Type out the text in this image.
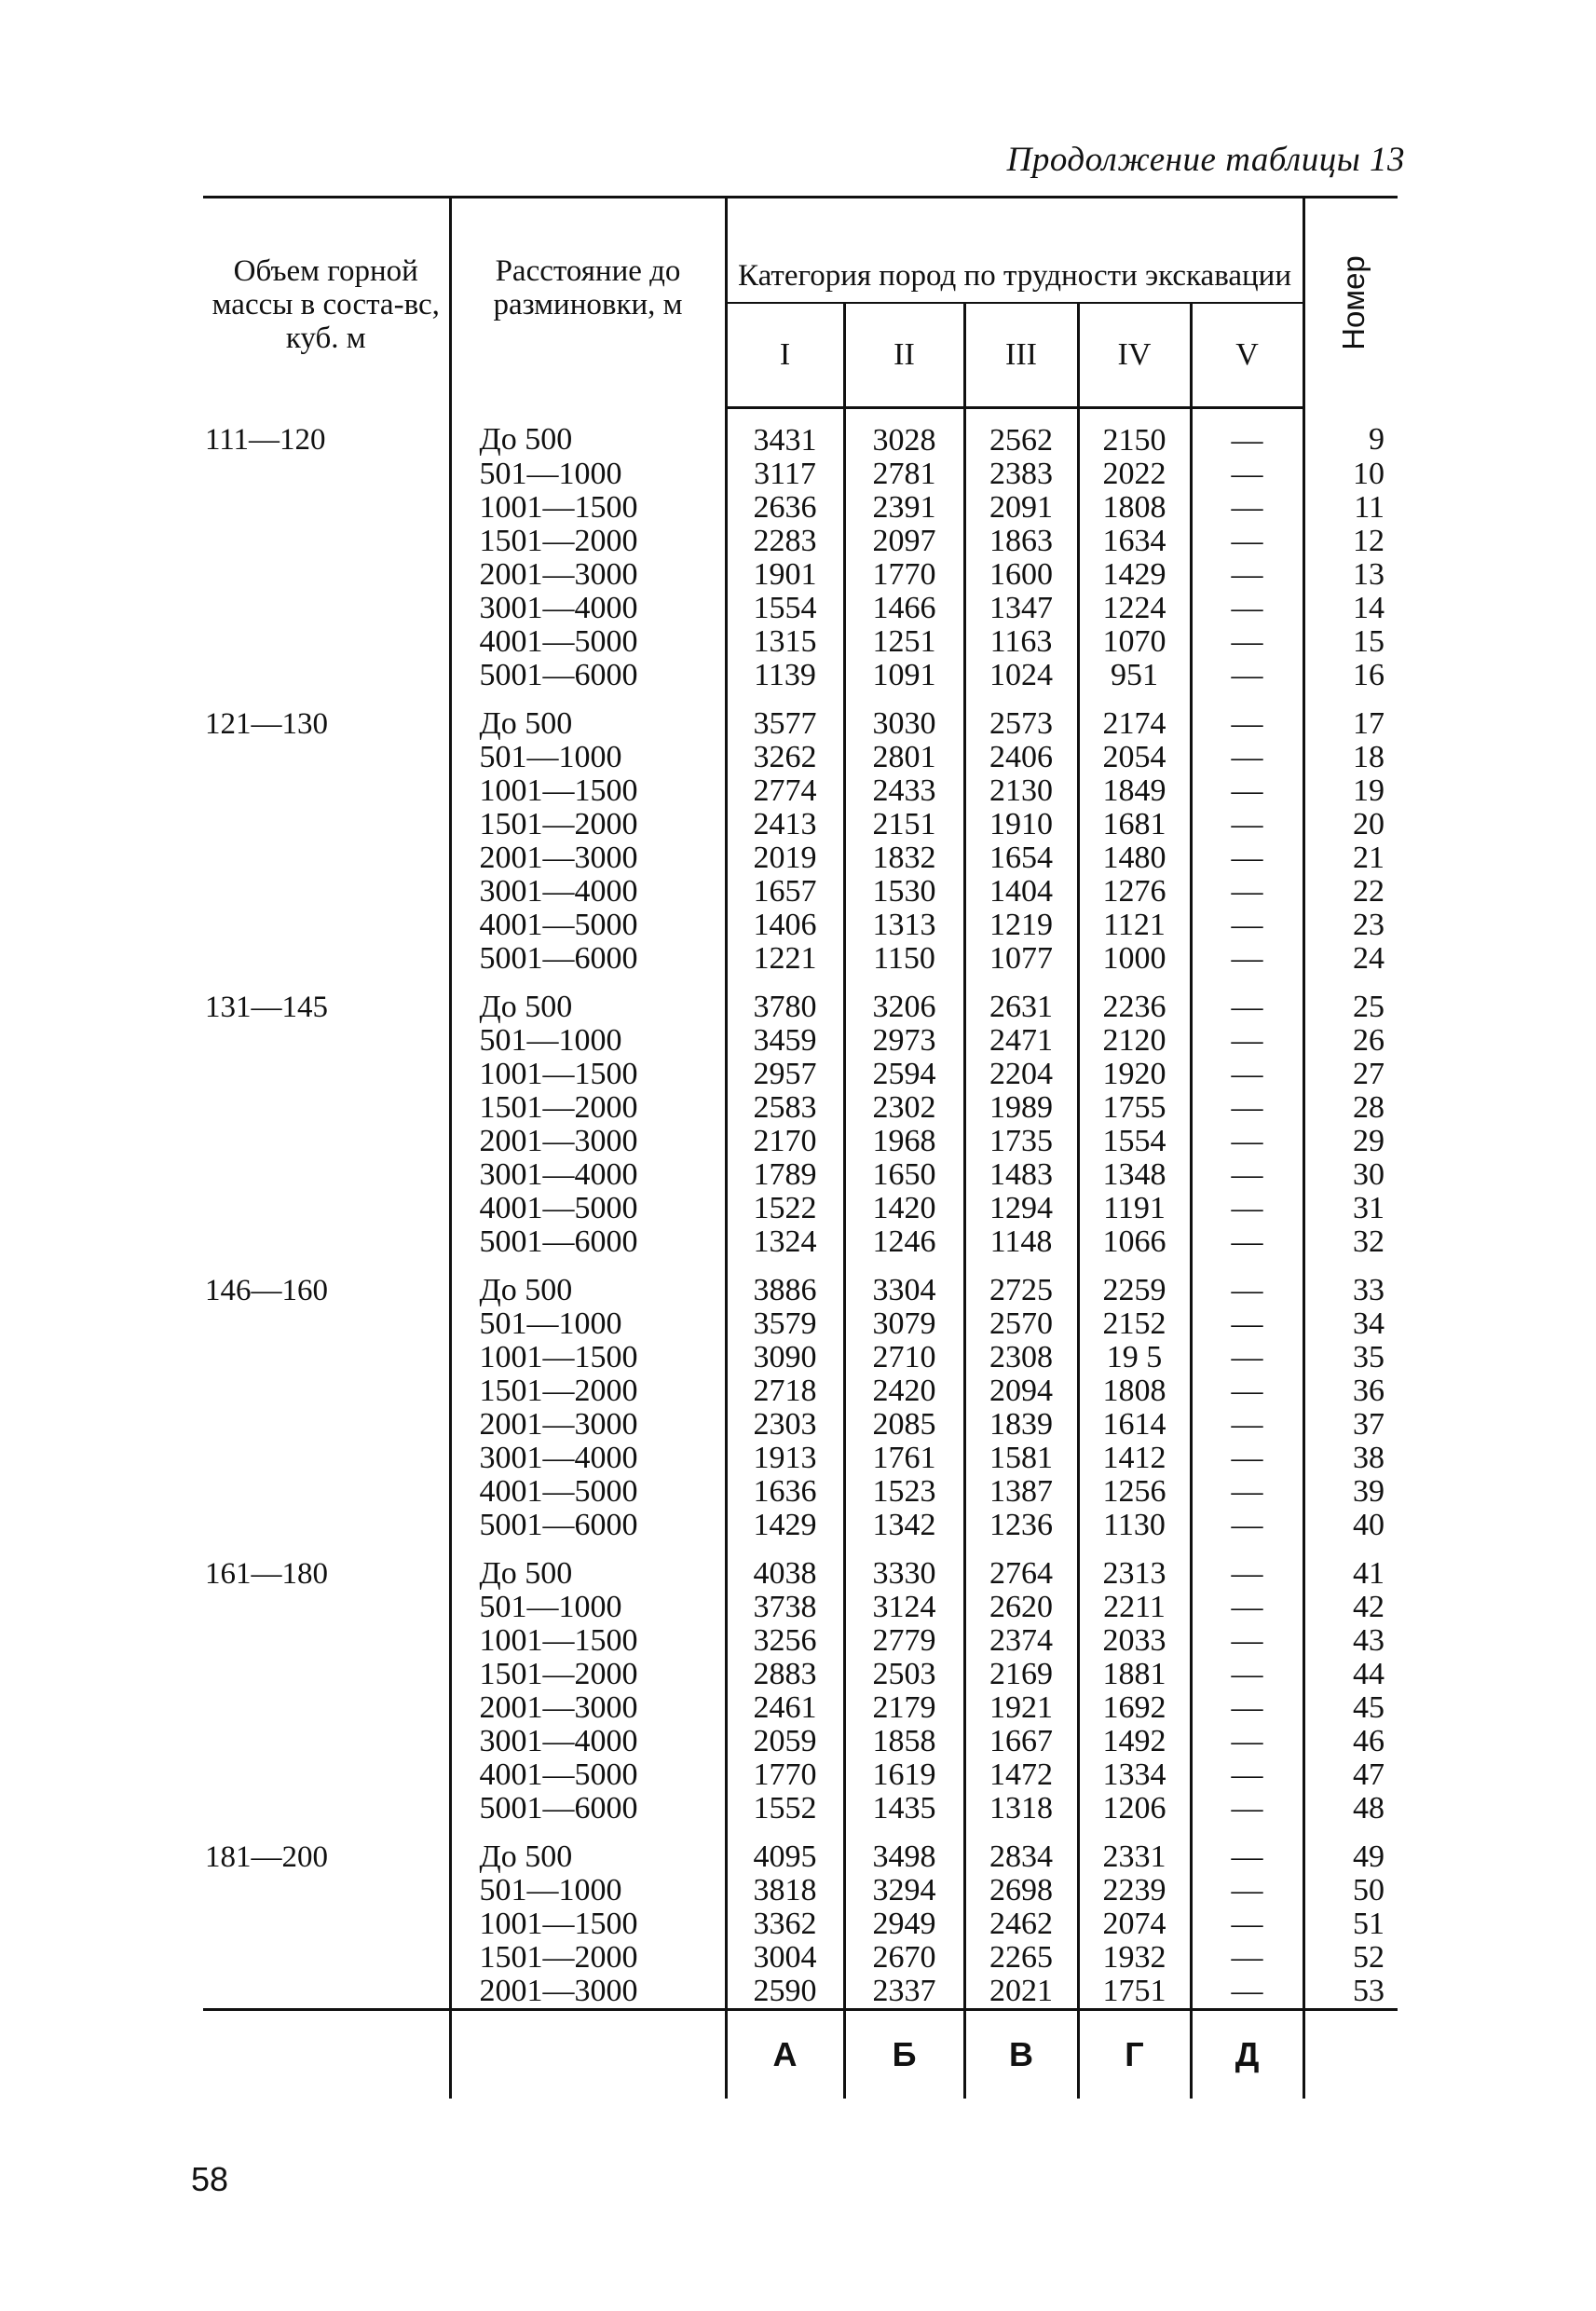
Продолжение таблицы 13
Объем горной массы в соста-вс, куб. м	Расстояние до разминовки, м	Категория пород по трудности экскавации					Номер
		I	II	III	IV	V	
111—120	До 500	3431	3028	2562	2150	—	9
	501—1000	3117	2781	2383	2022	—	10
	1001—1500	2636	2391	2091	1808	—	11
	1501—2000	2283	2097	1863	1634	—	12
	2001—3000	1901	1770	1600	1429	—	13
	3001—4000	1554	1466	1347	1224	—	14
	4001—5000	1315	1251	1163	1070	—	15
	5001—6000	1139	1091	1024	951	—	16
121—130	До 500	3577	3030	2573	2174	—	17
	501—1000	3262	2801	2406	2054	—	18
	1001—1500	2774	2433	2130	1849	—	19
	1501—2000	2413	2151	1910	1681	—	20
	2001—3000	2019	1832	1654	1480	—	21
	3001—4000	1657	1530	1404	1276	—	22
	4001—5000	1406	1313	1219	1121	—	23
	5001—6000	1221	1150	1077	1000	—	24
131—145	До 500	3780	3206	2631	2236	—	25
	501—1000	3459	2973	2471	2120	—	26
	1001—1500	2957	2594	2204	1920	—	27
	1501—2000	2583	2302	1989	1755	—	28
	2001—3000	2170	1968	1735	1554	—	29
	3001—4000	1789	1650	1483	1348	—	30
	4001—5000	1522	1420	1294	1191	—	31
	5001—6000	1324	1246	1148	1066	—	32
146—160	До 500	3886	3304	2725	2259	—	33
	501—1000	3579	3079	2570	2152	—	34
	1001—1500	3090	2710	2308	19 5	—	35
	1501—2000	2718	2420	2094	1808	—	36
	2001—3000	2303	2085	1839	1614	—	37
	3001—4000	1913	1761	1581	1412	—	38
	4001—5000	1636	1523	1387	1256	—	39
	5001—6000	1429	1342	1236	1130	—	40
161—180	До 500	4038	3330	2764	2313	—	41
	501—1000	3738	3124	2620	2211	—	42
	1001—1500	3256	2779	2374	2033	—	43
	1501—2000	2883	2503	2169	1881	—	44
	2001—3000	2461	2179	1921	1692	—	45
	3001—4000	2059	1858	1667	1492	—	46
	4001—5000	1770	1619	1472	1334	—	47
	5001—6000	1552	1435	1318	1206	—	48
181—200	До 500	4095	3498	2834	2331	—	49
	501—1000	3818	3294	2698	2239	—	50
	1001—1500	3362	2949	2462	2074	—	51
	1501—2000	3004	2670	2265	1932	—	52
	2001—3000	2590	2337	2021	1751	—	53
		А	Б	В	Г	Д	
58
